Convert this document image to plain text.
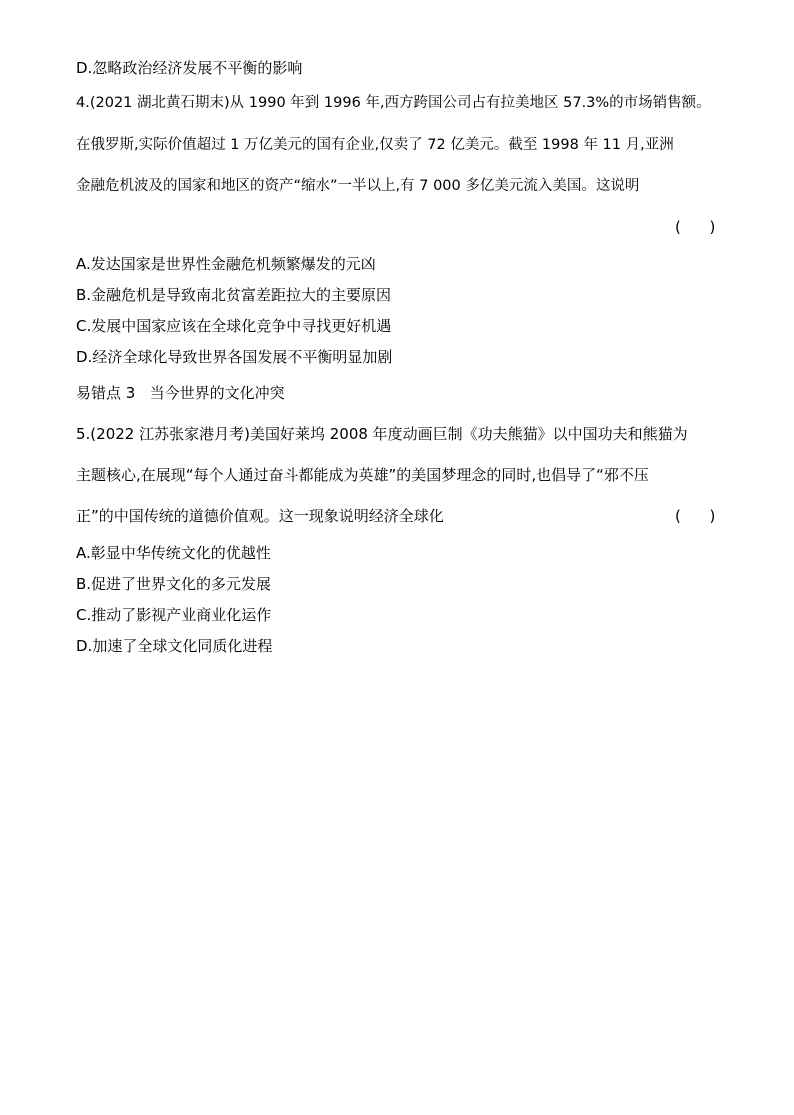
D.忽略政治经济发展不平衡的影响
4.(2021 湖北黄石期末)从 1990 年到 1996 年,西方跨国公司占有拉美地区 57.3%的市场销售额。
在俄罗斯,实际价值超过 1 万亿美元的国有企业,仅卖了 72 亿美元。截至 1998 年 11 月,亚洲
金融危机波及的国家和地区的资产“缩水”一半以上,有 7 000 多亿美元流入美国。这说明
(      )
A.发达国家是世界性金融危机频繁爆发的元凶
B.金融危机是导致南北贫富差距拉大的主要原因
C.发展中国家应该在全球化竞争中寻找更好机遇
D.经济全球化导致世界各国发展不平衡明显加剧
易错点 3   当今世界的文化冲突
5.(2022 江苏张家港月考)美国好莱坞 2008 年度动画巨制《功夫熊猫》以中国功夫和熊猫为
主题核心,在展现“每个人通过奋斗都能成为英雄”的美国梦理念的同时,也倡导了“邪不压
正”的中国传统的道德价值观。这一现象说明经济全球化	(      )
A.彰显中华传统文化的优越性
B.促进了世界文化的多元发展
C.推动了影视产业商业化运作
D.加速了全球文化同质化进程
